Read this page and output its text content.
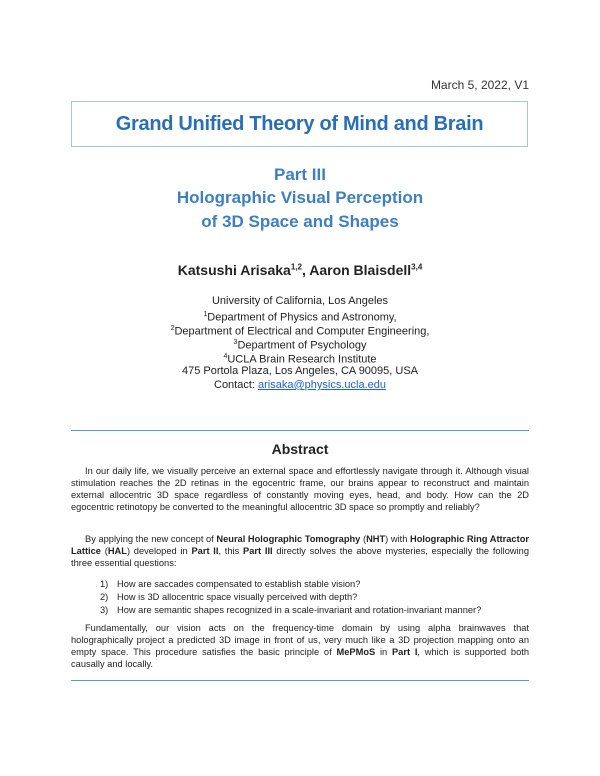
March 5, 2022, V1
Grand Unified Theory of Mind and Brain
Part III
Holographic Visual Perception
of 3D Space and Shapes
Katsushi Arisaka$^{1,2}$, Aaron Blaisdell$^{3,4}$
University of California, Los Angeles
$^1$Department of Physics and Astronomy,
$^2$Department of Electrical and Computer Engineering,
$^3$Department of Psychology
$^4$UCLA Brain Research Institute
475 Portola Plaza, Los Angeles, CA 90095, USA
Contact: arisaka@physics.ucla.edu
Abstract

In our daily life, we visually perceive an external space and effortlessly navigate through it. Although visual stimulation reaches the 2D retinas in the egocentric frame, our brains appear to reconstruct and maintain external allocentric 3D space regardless of constantly moving eyes, head, and body. How can the 2D egocentric retinotopy be converted to the meaningful allocentric 3D space so promptly and reliably?

By applying the new concept of Neural Holographic Tomography (NHT) with Holographic Ring Attractor Lattice (HAL) developed in Part II, this Part III directly solves the above mysteries, especially the following three essential questions:

1) How are saccades compensated to establish stable vision?
2) How is 3D allocentric space visually perceived with depth?
3) How are semantic shapes recognized in a scale-invariant and rotation-invariant manner?

Fundamentally, our vision acts on the frequency-time domain by using alpha brainwaves that holographically project a predicted 3D image in front of us, very much like a 3D projection mapping onto an empty space. This procedure satisfies the basic principle of MePMoS in Part I, which is supported both causally and locally.
